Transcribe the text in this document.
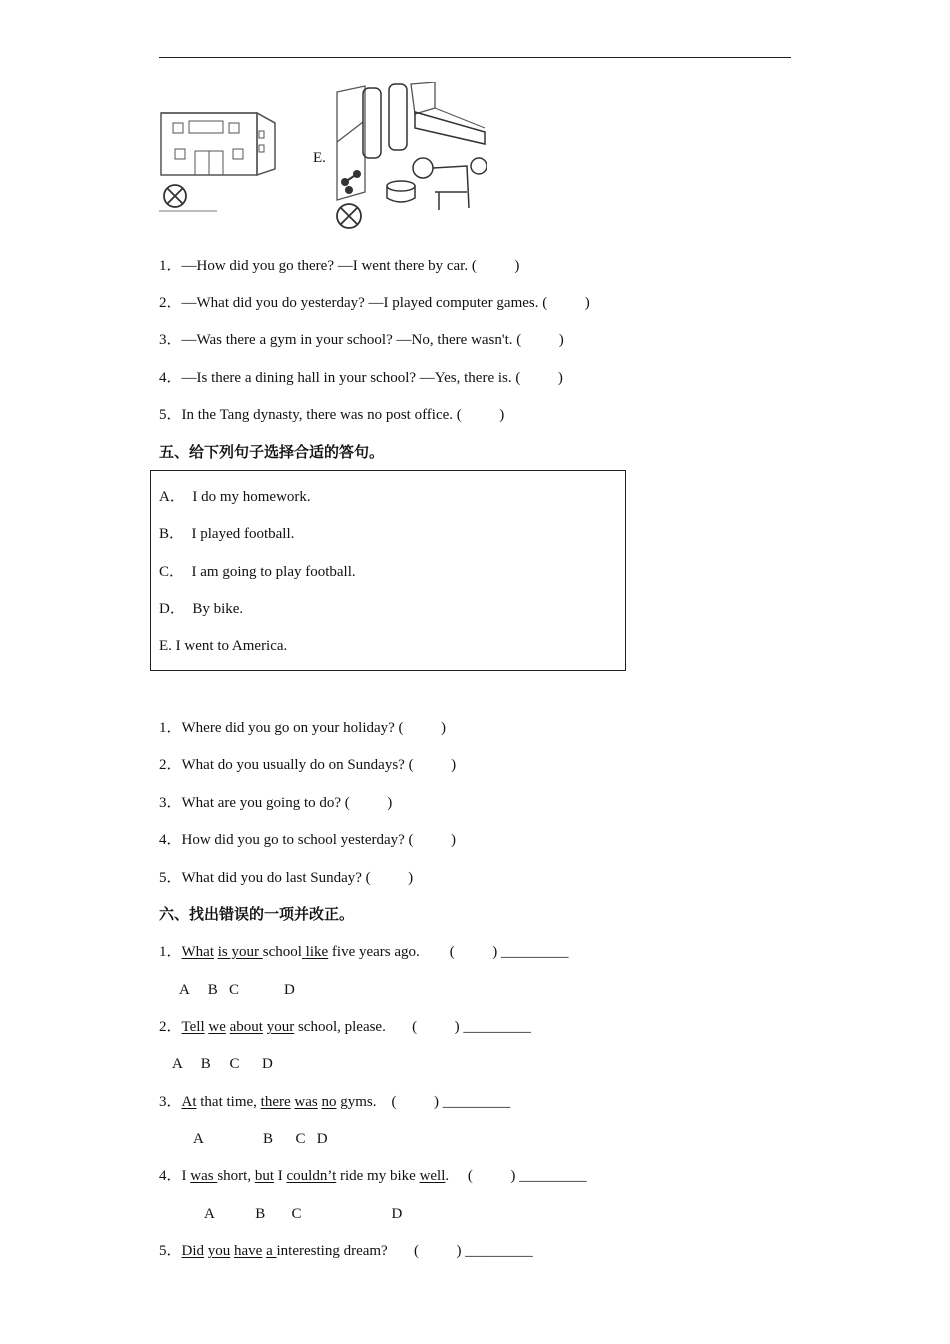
E.
1．—How did you go there? —I went there by car. (          )
2．—What did you do yesterday? —I played computer games. (          )
3．—Was there a gym in your school? —No, there wasn't. (          )
4．—Is there a dining hall in your school? —Yes, there is. (          )
5．In the Tang dynasty, there was no post office. (          )
五、给下列句子选择合适的答句。
A．  I do my homework.
B．  I played football.
C．  I am going to play football.
D．  By bike.
E. I went to America.
1．Where did you go on your holiday? (          )
2．What do you usually do on Sundays? (          )
3．What are you going to do? (          )
4．How did you go to school yesterday? (          )
5．What did you do last Sunday? (          )
六、找出错误的一项并改正。
1．What is your school like five years ago.        (          ) _________
A     B   C            D
2．Tell we about your school, please.       (          ) _________
A     B     C      D
3．At that time, there was no gyms.    (          ) _________
A                B      C   D
4．I was short, but I couldn’t ride my bike well.     (          ) _________
A           B       C                        D
5．Did you have a interesting dream?       (          ) _________
